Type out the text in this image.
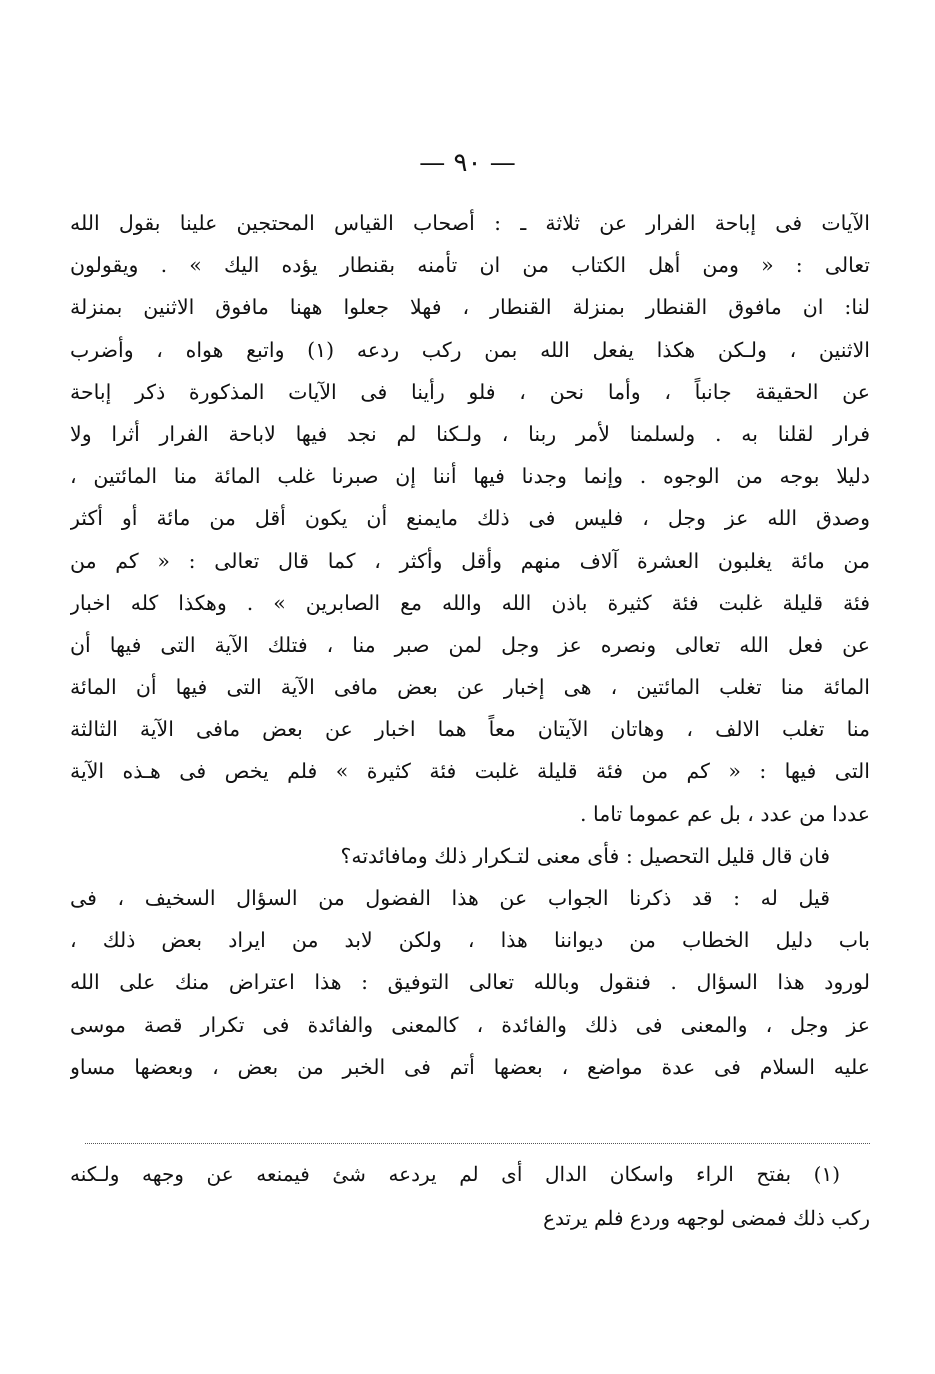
— ٩٠ —
الآيات فى إباحة الفرار عن ثلاثة ـ : أصحاب القياس المحتجين علينا بقول الله
تعالى : « ومن أهل الكتاب من ان تأمنه بقنطار يؤده اليك » . ويقولون
لنا: ان مافوق القنطار بمنزلة القنطار ، فهلا جعلوا ههنا مافوق الاثنين بمنزلة
الاثنين ، ولـكن هكذا يفعل الله بمن ركب ردعه (١) واتبع هواه ، وأضرب
عن الحقيقة جانباً ، وأما نحن ، فلو رأينا فى الآيات المذكورة ذكر إباحة
فرار لقلنا به . ولسلمنا لأمر ربنا ، ولـكنا لم نجد فيها لاباحة الفرار أثرا ولا
دليلا بوجه من الوجوه . وإنما وجدنا فيها أننا إن صبرنا غلب المائة منا المائتين ،
وصدق الله عز وجل ، فليس فى ذلك مايمنع أن يكون أقل من مائة أو أكثر
من مائة يغلبون العشرة آلاف منهم وأقل وأكثر ، كما قال تعالى : « كم من
فئة قليلة غلبت فئة كثيرة باذن الله والله مع الصابرين » . وهكذا كله اخبار
عن فعل الله تعالى ونصره عز وجل لمن صبر منا ، فتلك الآية التى فيها أن
المائة منا تغلب المائتين ، هى إخبار عن بعض مافى الآية التى فيها أن المائة
منا تغلب الالف ، وهاتان الآيتان معاً هما اخبار عن بعض مافى الآية الثالثة
التى فيها : « كم من فئة قليلة غلبت فئة كثيرة » فلم يخص فى هـذه الآية
عددا من عدد ، بل عم عموما تاما .
فان قال قليل التحصيل : فأى معنى لتـكرار ذلك ومافائدته؟
قيل له : قد ذكرنا الجواب عن هذا الفضول من السؤال السخيف ، فى
باب دليل الخطاب من ديواننا هذا ، ولكن لابد من ايراد بعض ذلك ،
لورود هذا السؤال . فنقول وبالله تعالى التوفيق : هذا اعتراض منك على الله
عز وجل ، والمعنى فى ذلك والفائدة ، كالمعنى والفائدة فى تكرار قصة موسى
عليه السلام فى عدة مواضع ، بعضها أتم فى الخبر من بعض ، وبعضها مساو
(١) بفتح الراء واسكان الدال أى لم يردعه شئ فيمنعه عن وجهه ولـكنه
ركب ذلك فمضى لوجهه وردع فلم يرتدع
